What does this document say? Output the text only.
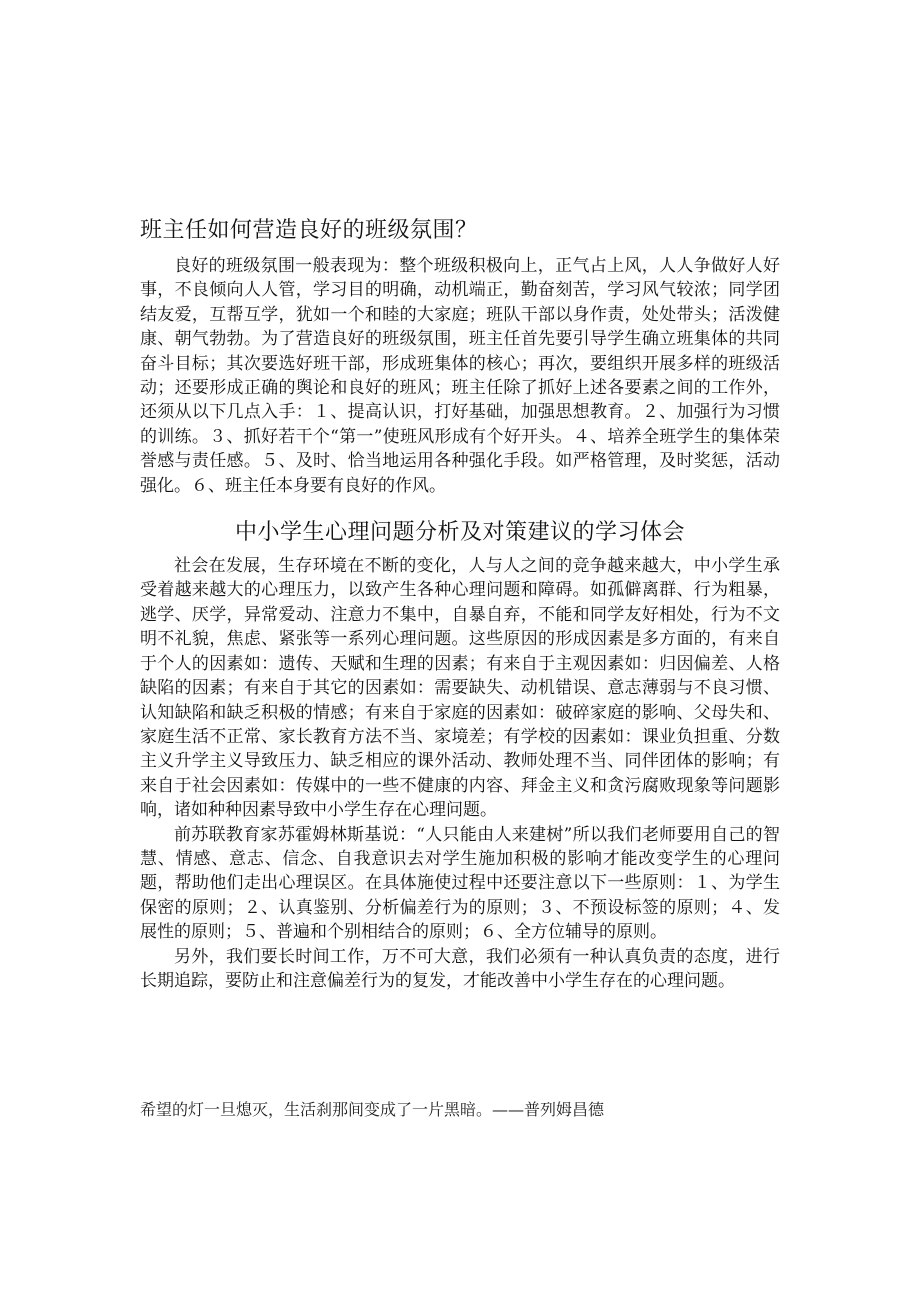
班主任如何营造良好的班级氛围？

良好的班级氛围一般表现为：整个班级积极向上，正气占上风，人人争做好人好事，不良倾向人人管，学习目的明确，动机端正，勤奋刻苦，学习风气较浓；同学团结友爱，互帮互学，犹如一个和睦的大家庭；班队干部以身作责，处处带头；活泼健康、朝气勃勃。为了营造良好的班级氛围，班主任首先要引导学生确立班集体的共同奋斗目标；其次要选好班干部，形成班集体的核心；再次，要组织开展多样的班级活动；还要形成正确的舆论和良好的班风；班主任除了抓好上述各要素之间的工作外，还须从以下几点入手：１、提高认识，打好基础，加强思想教育。２、加强行为习惯的训练。３、抓好若干个“第一”使班风形成有个好开头。４、培养全班学生的集体荣誉感与责任感。５、及时、恰当地运用各种强化手段。如严格管理，及时奖惩，活动强化。６、班主任本身要有良好的作风。

中小学生心理问题分析及对策建议的学习体会

社会在发展，生存环境在不断的变化，人与人之间的竞争越来越大，中小学生承受着越来越大的心理压力，以致产生各种心理问题和障碍。如孤僻离群、行为粗暴，逃学、厌学，异常爱动、注意力不集中，自暴自弃，不能和同学友好相处，行为不文明不礼貌，焦虑、紧张等一系列心理问题。这些原因的形成因素是多方面的，有来自于个人的因素如：遗传、天赋和生理的因素；有来自于主观因素如：归因偏差、人格缺陷的因素；有来自于其它的因素如：需要缺失、动机错误、意志薄弱与不良习惯、认知缺陷和缺乏积极的情感；有来自于家庭的因素如：破碎家庭的影响、父母失和、家庭生活不正常、家长教育方法不当、家境差；有学校的因素如：课业负担重、分数主义升学主义导致压力、缺乏相应的课外活动、教师处理不当、同伴团体的影响；有来自于社会因素如：传媒中的一些不健康的内容、拜金主义和贪污腐败现象等问题影响，诸如种种因素导致中小学生存在心理问题。

前苏联教育家苏霍姆林斯基说：“人只能由人来建树”所以我们老师要用自己的智慧、情感、意志、信念、自我意识去对学生施加积极的影响才能改变学生的心理问题，帮助他们走出心理误区。在具体施使过程中还要注意以下一些原则：１、为学生保密的原则；２、认真鉴别、分析偏差行为的原则；３、不预设标签的原则；４、发展性的原则；５、普遍和个别相结合的原则；６、全方位辅导的原则。

另外，我们要长时间工作，万不可大意，我们必须有一种认真负责的态度，进行长期追踪，要防止和注意偏差行为的复发，才能改善中小学生存在的心理问题。

希望的灯一旦熄灭，生活刹那间变成了一片黑暗。——普列姆昌德
